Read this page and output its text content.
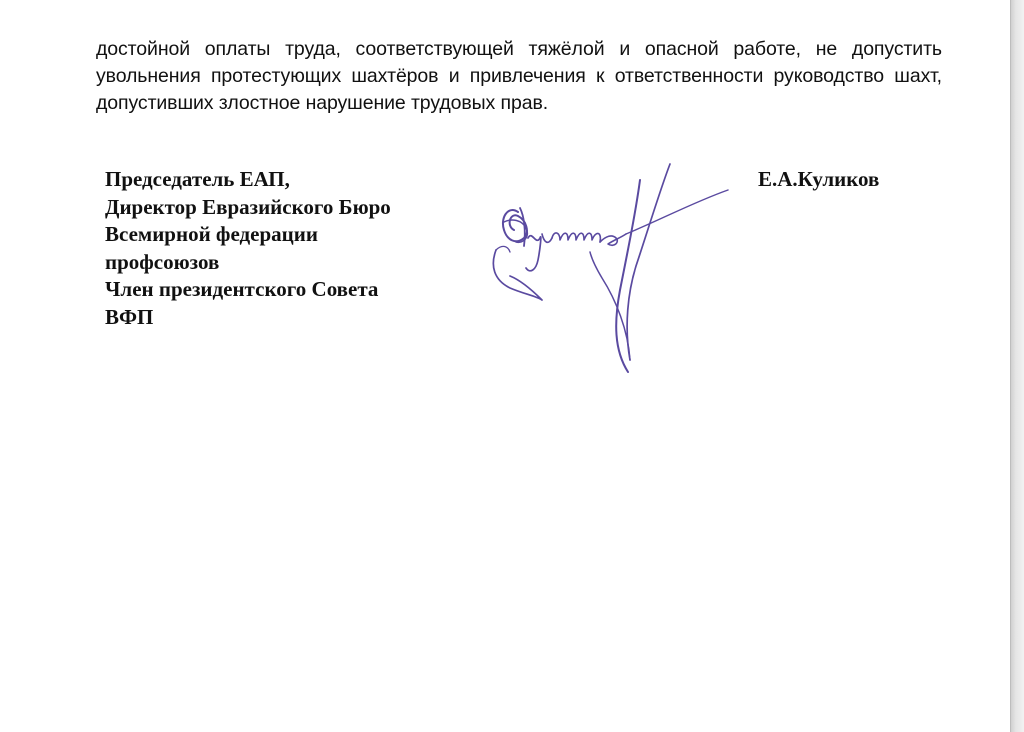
достойной оплаты труда, соответствующей тяжёлой и опасной работе, не допустить увольнения протестующих шахтёров и привлечения к ответственности руководство шахт, допустивших злостное нарушение трудовых прав.

Председатель ЕАП,
Директор Евразийского Бюро
Всемирной федерации
профсоюзов
Член президентского Совета
ВФП
Е.А.Куликов
